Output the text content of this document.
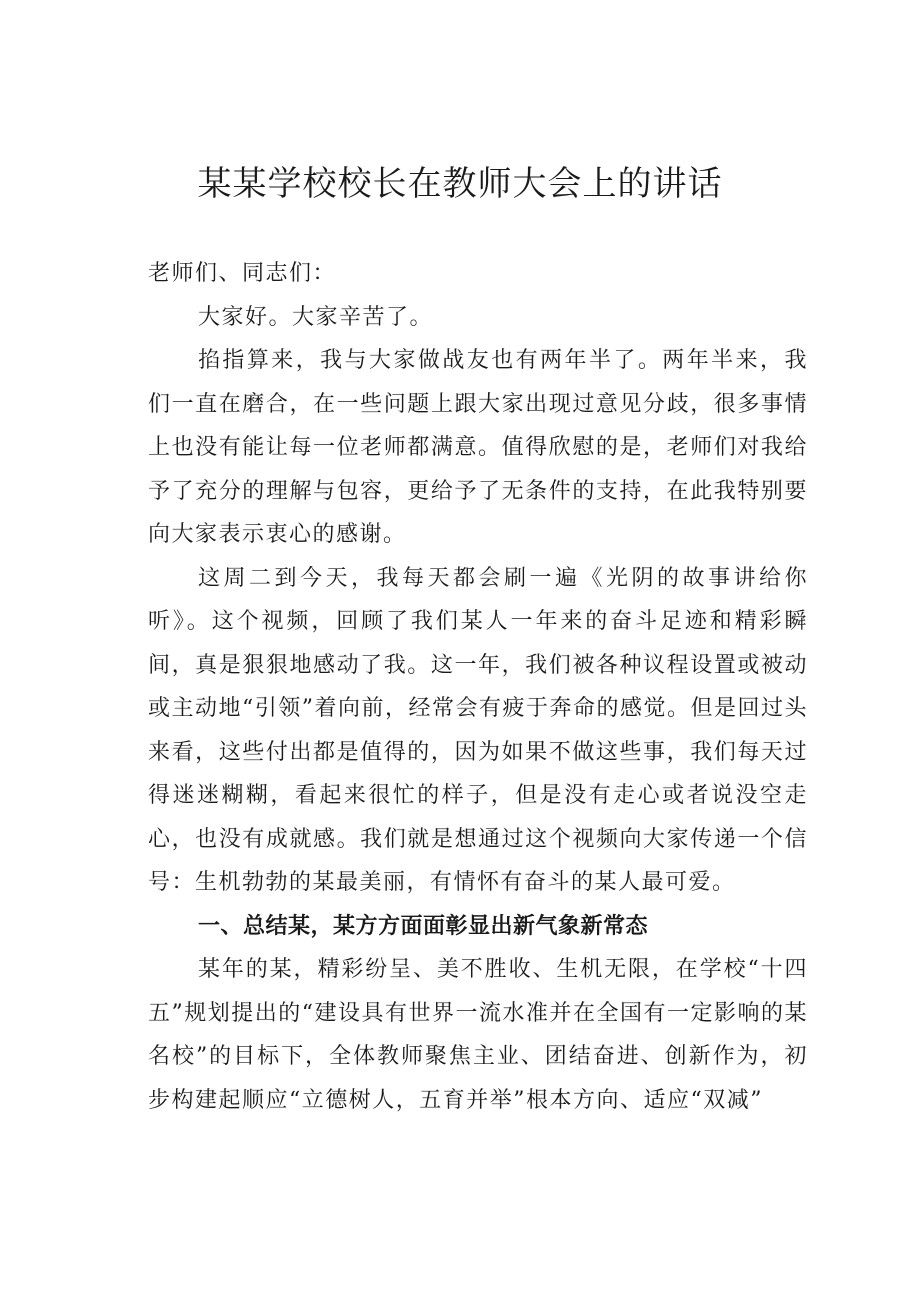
某某学校校长在教师大会上的讲话

老师们、同志们：

大家好。大家辛苦了。

掐指算来，我与大家做战友也有两年半了。两年半来，我们一直在磨合，在一些问题上跟大家出现过意见分歧，很多事情上也没有能让每一位老师都满意。值得欣慰的是，老师们对我给予了充分的理解与包容，更给予了无条件的支持，在此我特别要向大家表示衷心的感谢。

这周二到今天，我每天都会刷一遍《光阴的故事讲给你听》。这个视频，回顾了我们某人一年来的奋斗足迹和精彩瞬间，真是狠狠地感动了我。这一年，我们被各种议程设置或被动或主动地“引领”着向前，经常会有疲于奔命的感觉。但是回过头来看，这些付出都是值得的，因为如果不做这些事，我们每天过得迷迷糊糊，看起来很忙的样子，但是没有走心或者说没空走心，也没有成就感。我们就是想通过这个视频向大家传递一个信号：生机勃勃的某最美丽，有情怀有奋斗的某人最可爱。

一、总结某，某方方面面彰显出新气象新常态

某年的某，精彩纷呈、美不胜收、生机无限，在学校“十四五”规划提出的“建设具有世界一流水准并在全国有一定影响的某名校”的目标下，全体教师聚焦主业、团结奋进、创新作为，初步构建起顺应“立德树人，五育并举”根本方向、适应“双减”
